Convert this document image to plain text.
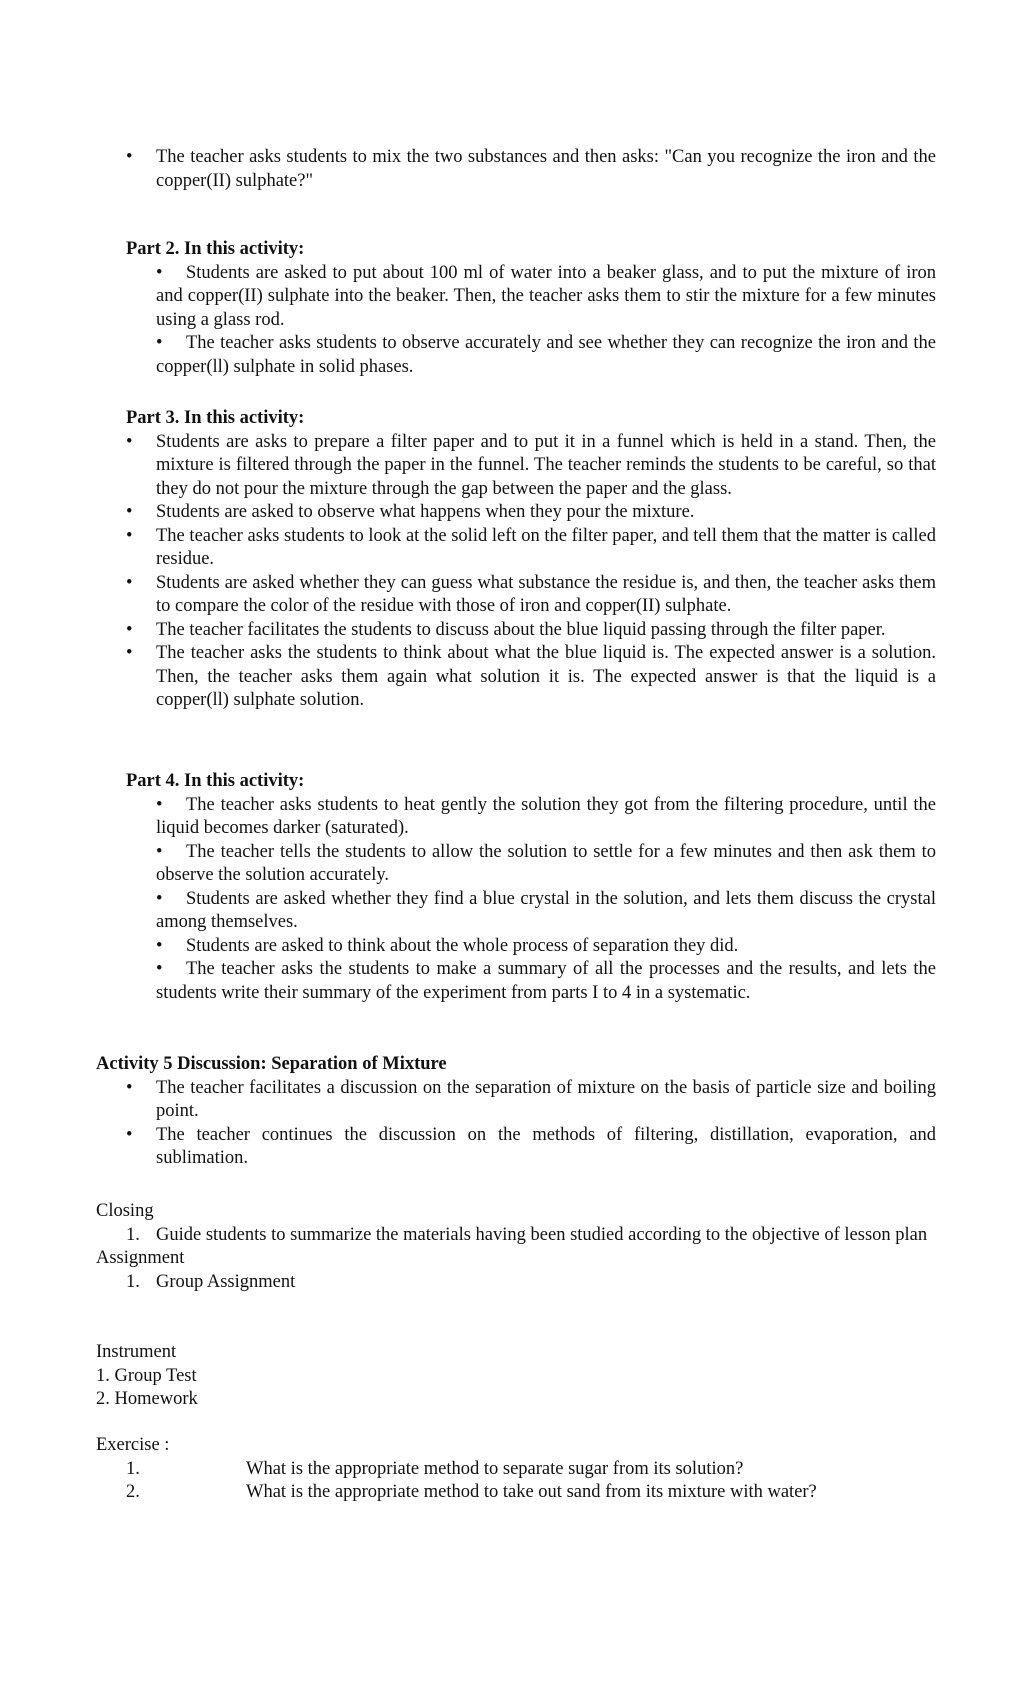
• The teacher asks students to mix the two substances and then asks: "Can you recognize the iron and the copper(II) sulphate?"

Part 2. In this activity:

• Students are asked to put about 100 ml of water into a beaker glass, and to put the mixture of iron and copper(II) sulphate into the beaker. Then, the teacher asks them to stir the mixture for a few minutes using a glass rod.

• The teacher asks students to observe accurately and see whether they can recognize the iron and the copper(ll) sulphate in solid phases.

Part 3. In this activity:

• Students are asks to prepare a filter paper and to put it in a funnel which is held in a stand. Then, the mixture is filtered through the paper in the funnel. The teacher reminds the students to be careful, so that they do not pour the mixture through the gap between the paper and the glass.

• Students are asked to observe what happens when they pour the mixture.

• The teacher asks students to look at the solid left on the filter paper, and tell them that the matter is called residue.

• Students are asked whether they can guess what substance the residue is, and then, the teacher asks them to compare the color of the residue with those of iron and copper(II) sulphate.

• The teacher facilitates the students to discuss about the blue liquid passing through the filter paper.

• The teacher asks the students to think about what the blue liquid is. The expected answer is a solution. Then, the teacher asks them again what solution it is. The expected answer is that the liquid is a copper(ll) sulphate solution.

Part 4. In this activity:

• The teacher asks students to heat gently the solution they got from the filtering procedure, until the liquid becomes darker (saturated).

• The teacher tells the students to allow the solution to settle for a few minutes and then ask them to observe the solution accurately.

• Students are asked whether they find a blue crystal in the solution, and lets them discuss the crystal among themselves.

• Students are asked to think about the whole process of separation they did.

• The teacher asks the students to make a summary of all the processes and the results, and lets the students write their summary of the experiment from parts I to 4 in a systematic.

Activity 5 Discussion: Separation of Mixture

• The teacher facilitates a discussion on the separation of mixture on the basis of particle size and boiling point.

• The teacher continues the discussion on the methods of filtering, distillation, evaporation, and sublimation.

Closing

1. Guide students to summarize the materials having been studied according to the objective of lesson plan

Assignment

1. Group Assignment

Instrument

1. Group Test

2. Homework

Exercise :

1.	What is the appropriate method to separate sugar from its solution?

2.	What is the appropriate method to take out sand from its mixture with water?
